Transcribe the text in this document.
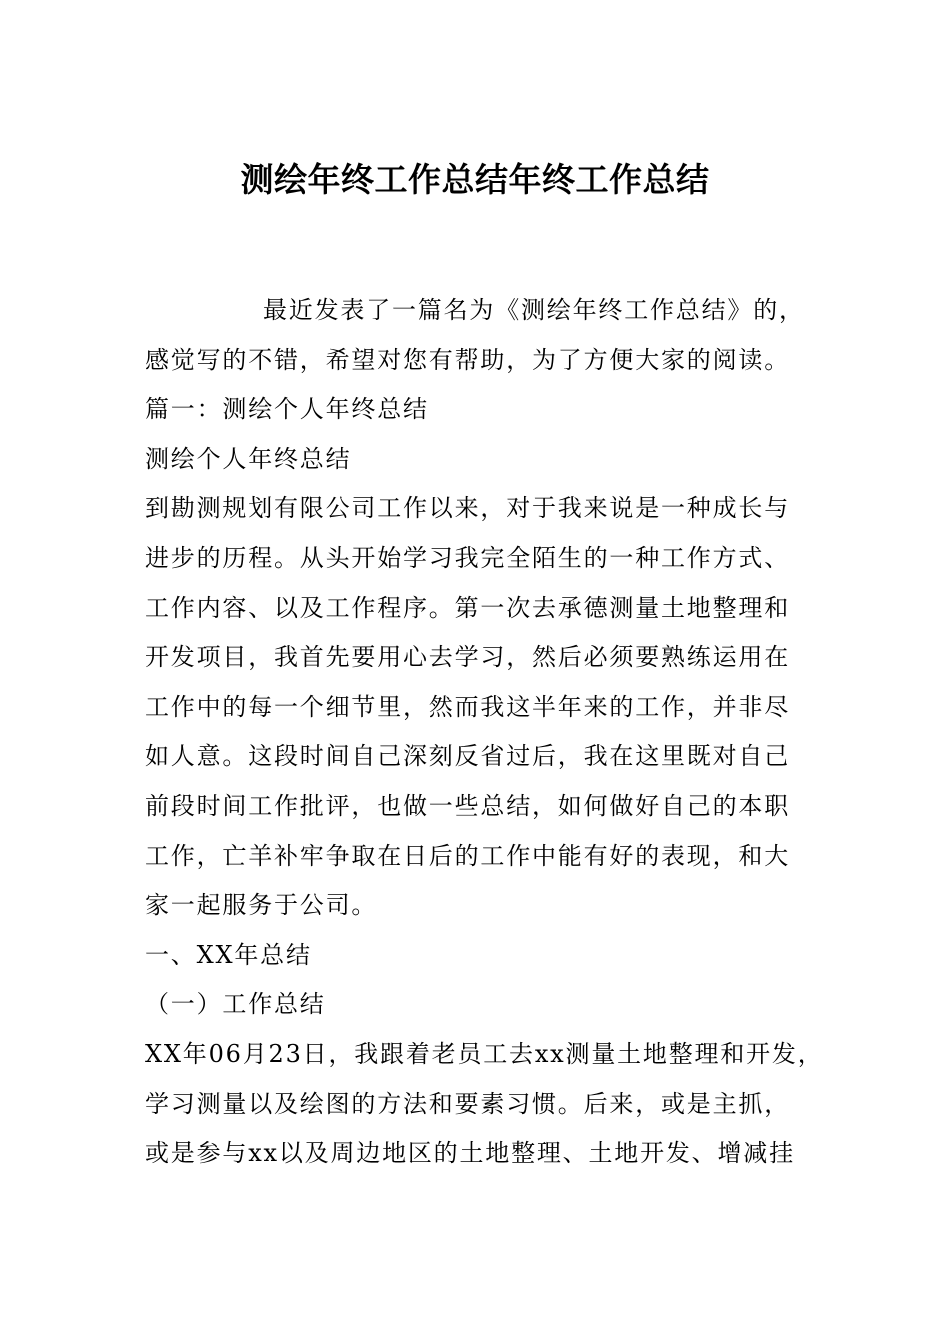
测绘年终工作总结年终工作总结
最近发表了一篇名为《测绘年终工作总结》的，
感觉写的不错，希望对您有帮助，为了方便大家的阅读。
篇一：测绘个人年终总结
测绘个人年终总结
到勘测规划有限公司工作以来，对于我来说是一种成长与
进步的历程。从头开始学习我完全陌生的一种工作方式、
工作内容、以及工作程序。第一次去承德测量土地整理和
开发项目，我首先要用心去学习，然后必须要熟练运用在
工作中的每一个细节里，然而我这半年来的工作，并非尽
如人意。这段时间自己深刻反省过后，我在这里既对自己
前段时间工作批评，也做一些总结，如何做好自己的本职
工作，亡羊补牢争取在日后的工作中能有好的表现，和大
家一起服务于公司。
一、XX年总结
（一）工作总结
XX年06月23日，我跟着老员工去xx测量土地整理和开发，
学习测量以及绘图的方法和要素习惯。后来，或是主抓，
或是参与xx以及周边地区的土地整理、土地开发、增减挂
